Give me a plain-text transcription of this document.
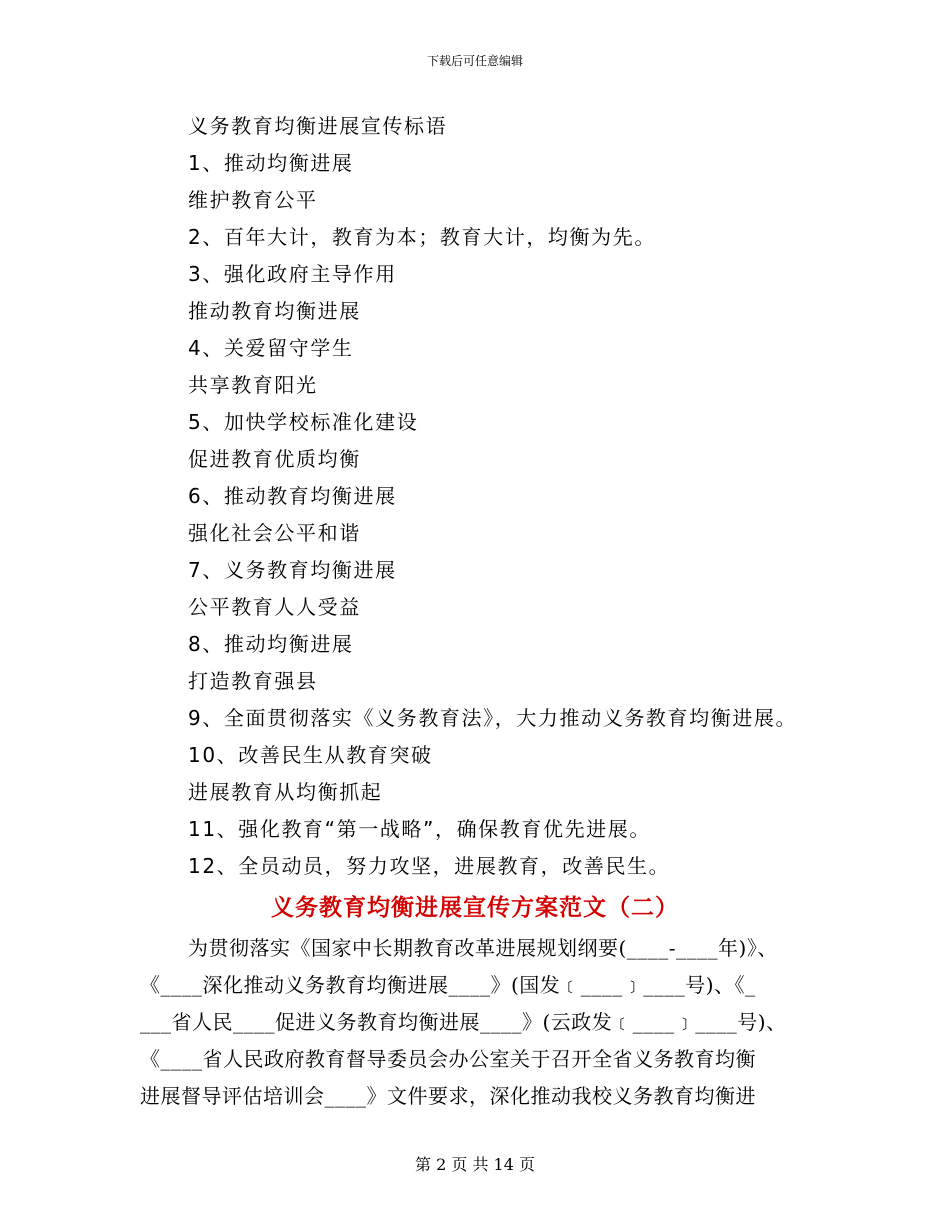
下载后可任意编辑
义务教育均衡进展宣传标语
1、推动均衡进展
维护教育公平
2、百年大计，教育为本；教育大计，均衡为先。
3、强化政府主导作用
推动教育均衡进展
4、关爱留守学生
共享教育阳光
5、加快学校标准化建设
促进教育优质均衡
6、推动教育均衡进展
强化社会公平和谐
7、义务教育均衡进展
公平教育人人受益
8、推动均衡进展
打造教育强县
9、全面贯彻落实《义务教育法》，大力推动义务教育均衡进展。
10、改善民生从教育突破
进展教育从均衡抓起
11、强化教育“第一战略”，确保教育优先进展。
12、全员动员，努力攻坚，进展教育，改善民生。
义务教育均衡进展宣传方案范文（二）
为贯彻落实《国家中长期教育改革进展规划纲要(____-____年)》、
《____深化推动义务教育均衡进展____》(国发﹝____﹞____号)、《_
___省人民____促进义务教育均衡进展____》(云政发﹝____﹞____号)、
《____省人民政府教育督导委员会办公室关于召开全省义务教育均衡
进展督导评估培训会____》文件要求，深化推动我校义务教育均衡进
第 2 页 共 14 页
